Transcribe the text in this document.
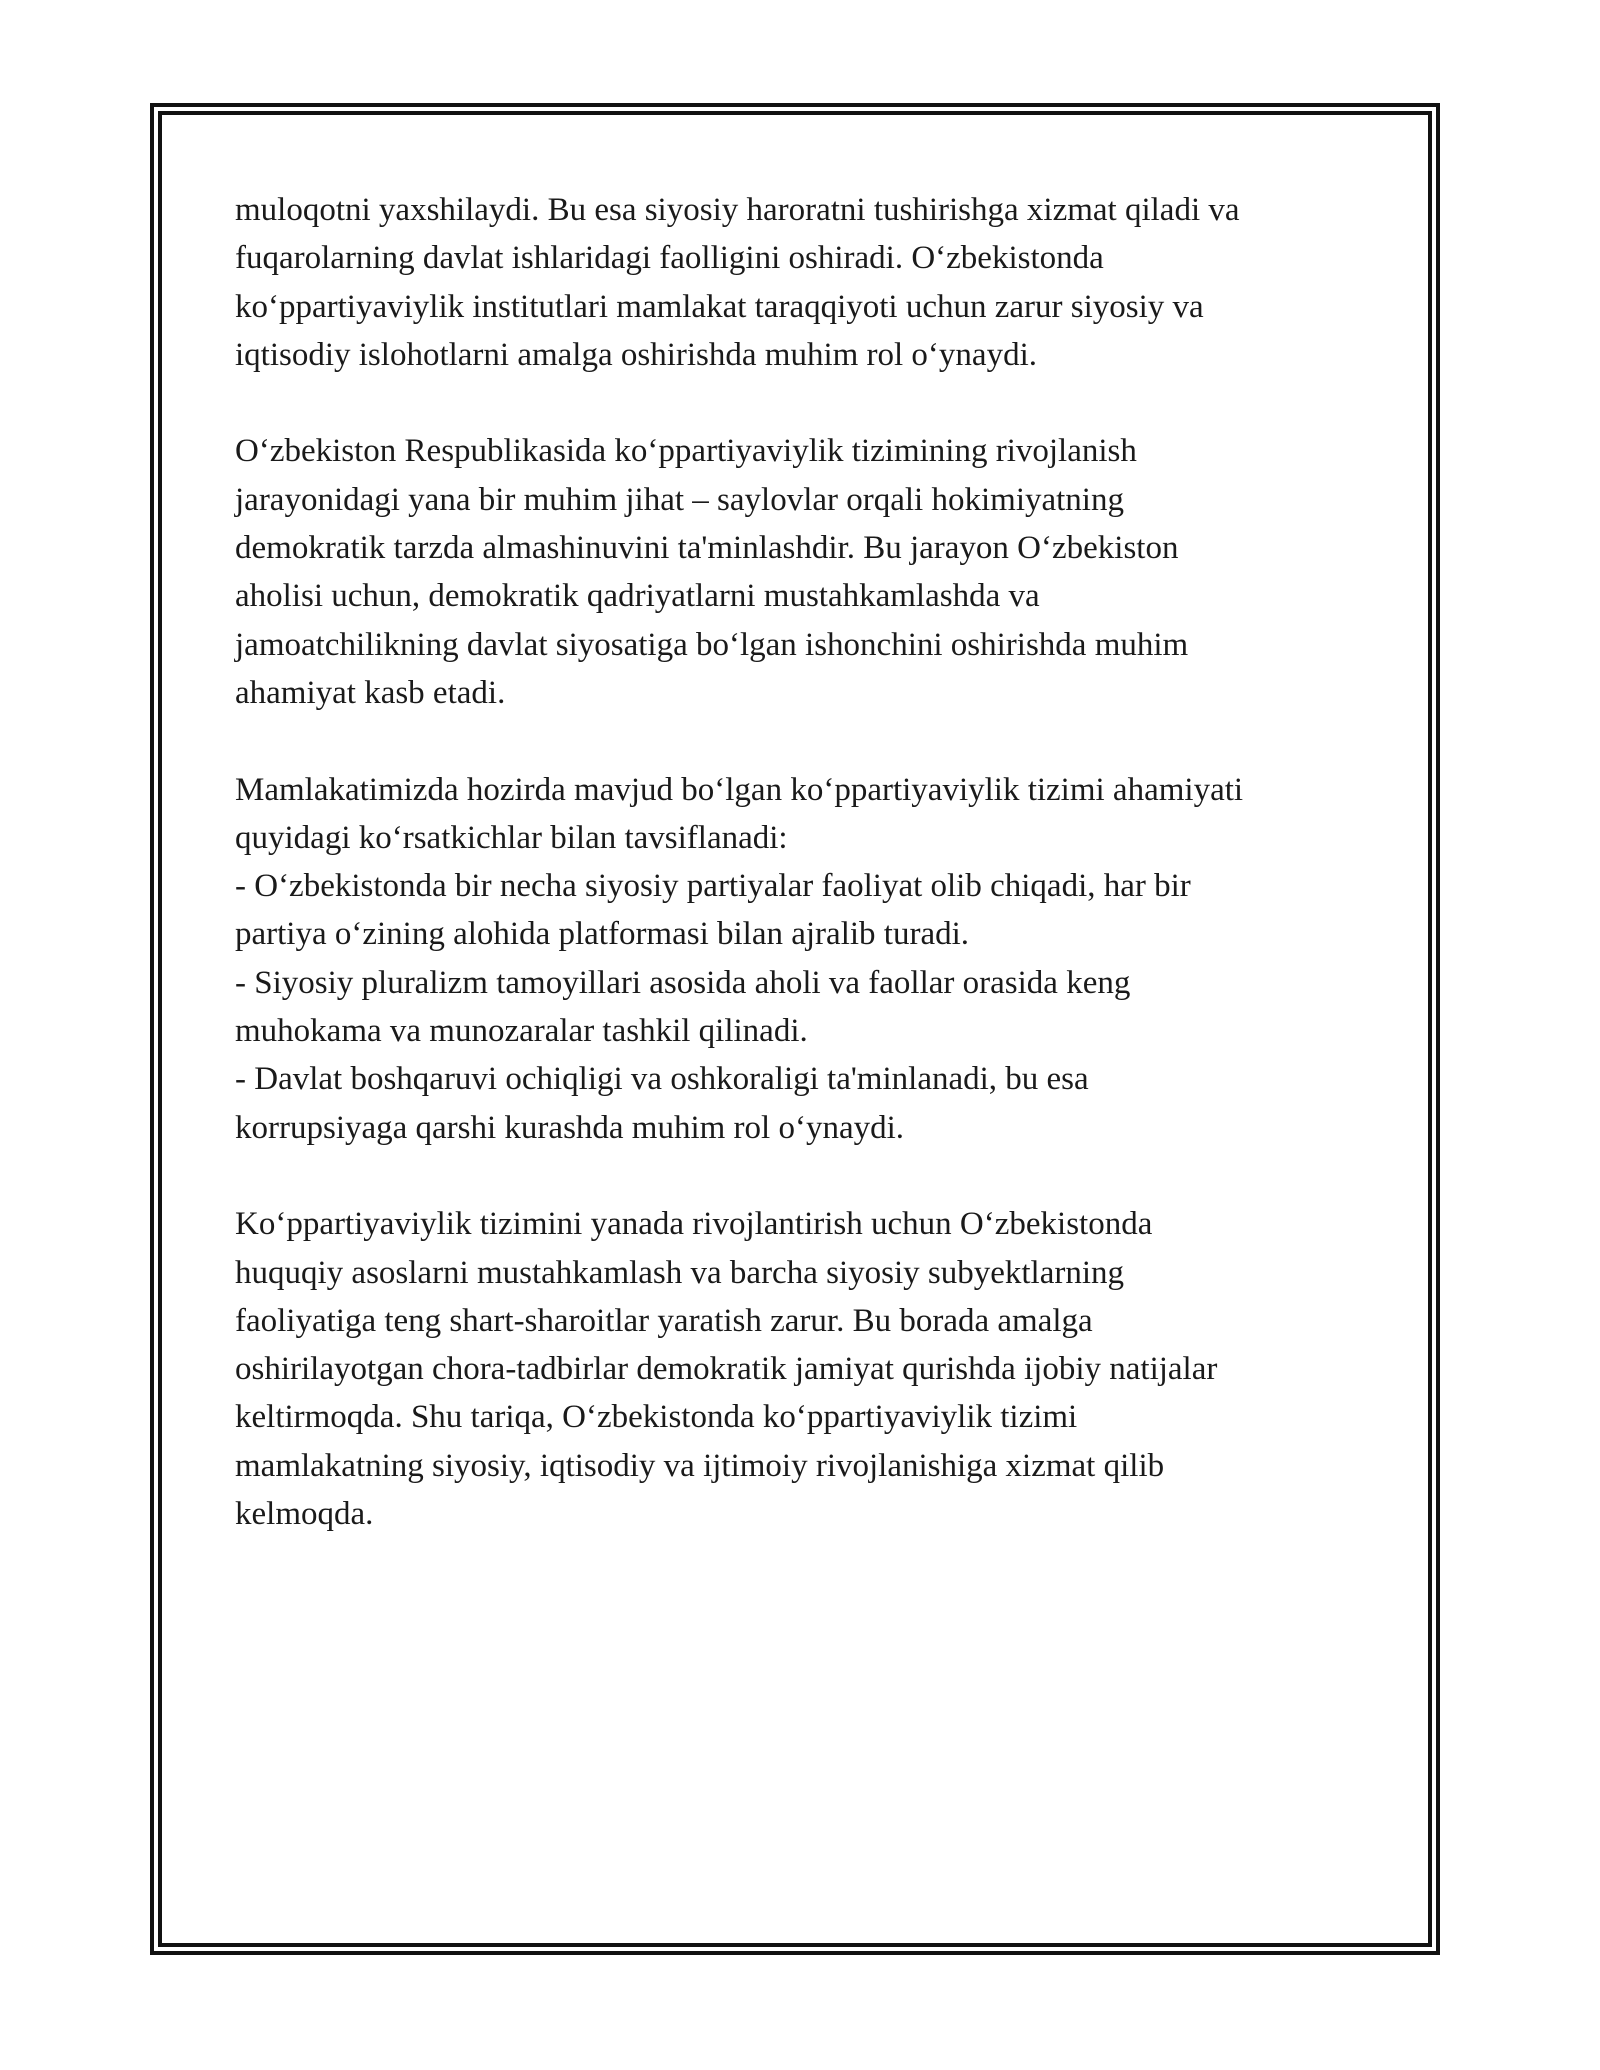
muloqotni yaxshilaydi. Bu esa siyosiy haroratni tushirishga xizmat qiladi va
fuqarolarning davlat ishlaridagi faolligini oshiradi. O‘zbekistonda
ko‘ppartiyaviylik institutlari mamlakat taraqqiyoti uchun zarur siyosiy va
iqtisodiy islohotlarni amalga oshirishda muhim rol o‘ynaydi.

O‘zbekiston Respublikasida ko‘ppartiyaviylik tizimining rivojlanish
jarayonidagi yana bir muhim jihat – saylovlar orqali hokimiyatning
demokratik tarzda almashinuvini ta'minlashdir. Bu jarayon O‘zbekiston
aholisi uchun, demokratik qadriyatlarni mustahkamlashda va
jamoatchilikning davlat siyosatiga bo‘lgan ishonchini oshirishda muhim
ahamiyat kasb etadi.

Mamlakatimizda hozirda mavjud bo‘lgan ko‘ppartiyaviylik tizimi ahamiyati
quyidagi ko‘rsatkichlar bilan tavsiflanadi:
- O‘zbekistonda bir necha siyosiy partiyalar faoliyat olib chiqadi, har bir
partiya o‘zining alohida platformasi bilan ajralib turadi.
- Siyosiy pluralizm tamoyillari asosida aholi va faollar orasida keng
muhokama va munozaralar tashkil qilinadi.
- Davlat boshqaruvi ochiqligi va oshkoraligi ta'minlanadi, bu esa
korrupsiyaga qarshi kurashda muhim rol o‘ynaydi.

Ko‘ppartiyaviylik tizimini yanada rivojlantirish uchun O‘zbekistonda
huquqiy asoslarni mustahkamlash va barcha siyosiy subyektlarning
faoliyatiga teng shart-sharoitlar yaratish zarur. Bu borada amalga
oshirilayotgan chora-tadbirlar demokratik jamiyat qurishda ijobiy natijalar
keltirmoqda. Shu tariqa, O‘zbekistonda ko‘ppartiyaviylik tizimi
mamlakatning siyosiy, iqtisodiy va ijtimoiy rivojlanishiga xizmat qilib
kelmoqda.
